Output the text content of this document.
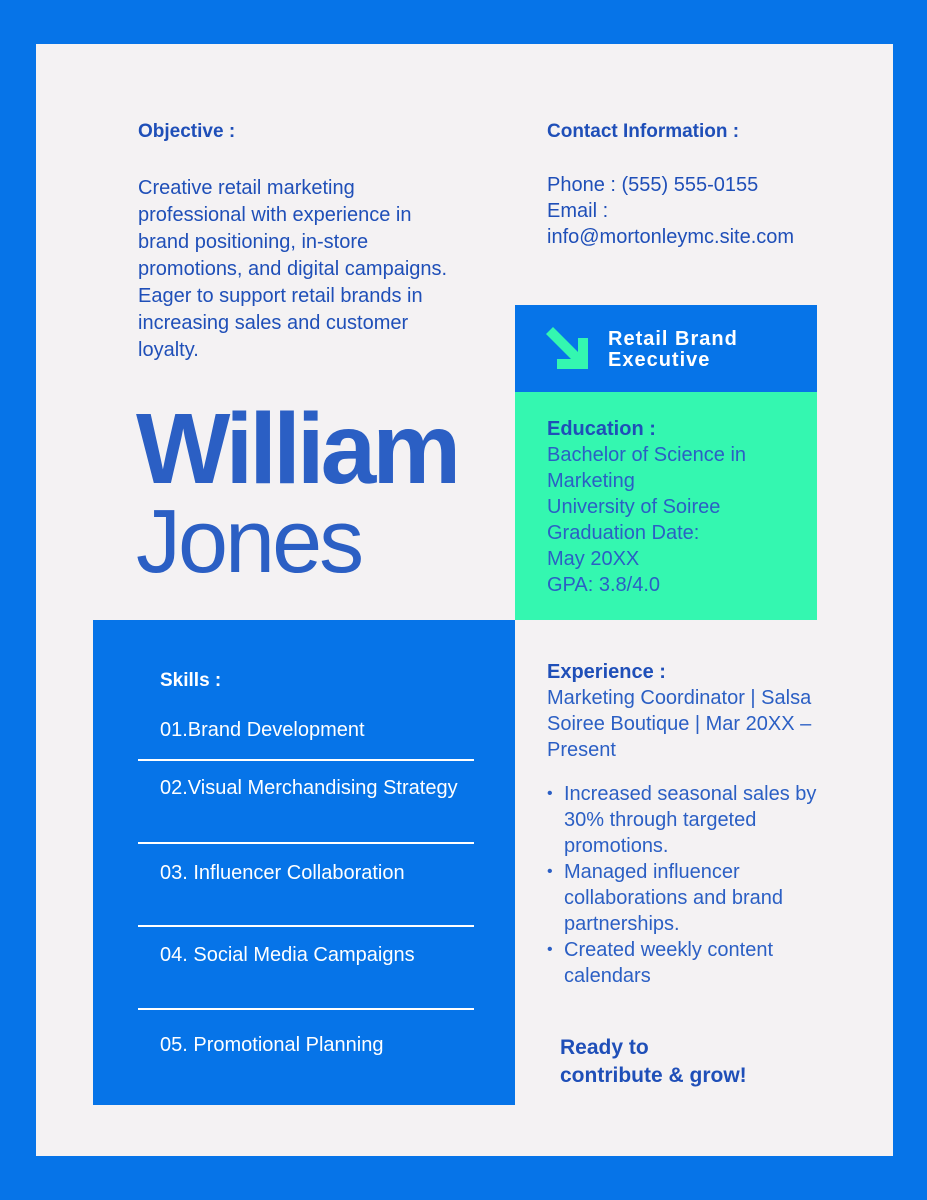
Objective :
Creative retail marketing professional with experience in brand positioning, in-store promotions, and digital campaigns. Eager to support retail brands in increasing sales and customer loyalty.
Contact Information :
Phone : (555) 555-0155
Email :
info@mortonleymc.site.com
William
Jones
Retail Brand
Executive
Education :
Bachelor of Science in Marketing
University of Soiree
Graduation Date:
May 20XX
GPA: 3.8/4.0
Skills :
01.Brand Development
02.Visual Merchandising Strategy
03. Influencer Collaboration
04. Social Media Campaigns
05. Promotional Planning
Experience :
Marketing Coordinator | Salsa Soiree Boutique | Mar 20XX – Present
• Increased seasonal sales by 30% through targeted promotions.
• Managed influencer collaborations and brand partnerships.
• Created weekly content calendars
Ready to
contribute & grow!
